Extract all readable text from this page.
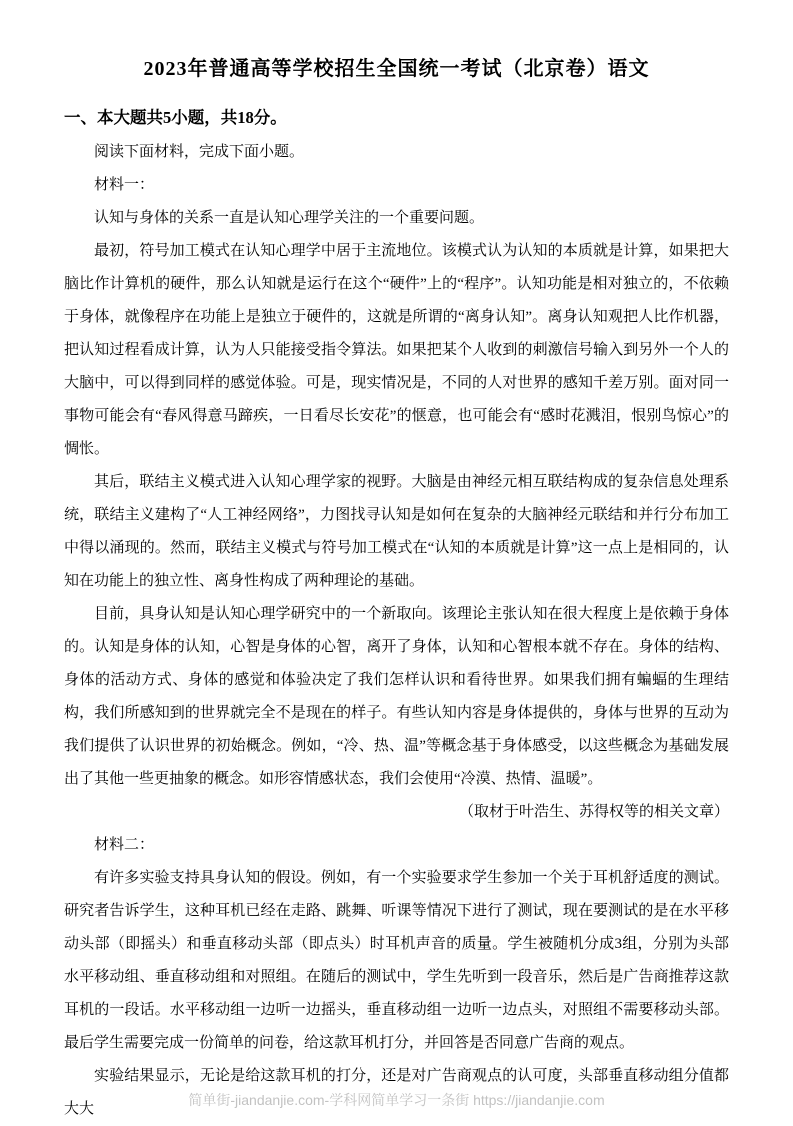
2023年普通高等学校招生全国统一考试（北京卷）语文
一、本大题共5小题，共18分。

阅读下面材料，完成下面小题。

材料一：

认知与身体的关系一直是认知心理学关注的一个重要问题。

最初，符号加工模式在认知心理学中居于主流地位。该模式认为认知的本质就是计算，如果把大脑比作计算机的硬件，那么认知就是运行在这个“硬件”上的“程序”。认知功能是相对独立的，不依赖于身体，就像程序在功能上是独立于硬件的，这就是所谓的“离身认知”。离身认知观把人比作机器，把认知过程看成计算，认为人只能接受指令算法。如果把某个人收到的刺激信号输入到另外一个人的大脑中，可以得到同样的感觉体验。可是，现实情况是，不同的人对世界的感知千差万别。面对同一事物可能会有“春风得意马蹄疾，一日看尽长安花”的惬意，也可能会有“感时花溅泪，恨别鸟惊心”的惆怅。

其后，联结主义模式进入认知心理学家的视野。大脑是由神经元相互联结构成的复杂信息处理系统，联结主义建构了“人工神经网络”，力图找寻认知是如何在复杂的大脑神经元联结和并行分布加工中得以涌现的。然而，联结主义模式与符号加工模式在“认知的本质就是计算”这一点上是相同的，认知在功能上的独立性、离身性构成了两种理论的基础。

目前，具身认知是认知心理学研究中的一个新取向。该理论主张认知在很大程度上是依赖于身体的。认知是身体的认知，心智是身体的心智，离开了身体，认知和心智根本就不存在。身体的结构、身体的活动方式、身体的感觉和体验决定了我们怎样认识和看待世界。如果我们拥有蝙蝠的生理结构，我们所感知到的世界就完全不是现在的样子。有些认知内容是身体提供的，身体与世界的互动为我们提供了认识世界的初始概念。例如，“冷、热、温”等概念基于身体感受，以这些概念为基础发展出了其他一些更抽象的概念。如形容情感状态，我们会使用“冷漠、热情、温暖”。

（取材于叶浩生、苏得权等的相关文章）

材料二：

有许多实验支持具身认知的假设。例如，有一个实验要求学生参加一个关于耳机舒适度的测试。研究者告诉学生，这种耳机已经在走路、跳舞、听课等情况下进行了测试，现在要测试的是在水平移动头部（即摇头）和垂直移动头部（即点头）时耳机声音的质量。学生被随机分成3组，分别为头部水平移动组、垂直移动组和对照组。在随后的测试中，学生先听到一段音乐，然后是广告商推荐这款耳机的一段话。水平移动组一边听一边摇头，垂直移动组一边听一边点头，对照组不需要移动头部。最后学生需要完成一份简单的问卷，给这款耳机打分，并回答是否同意广告商的观点。

实验结果显示，无论是给这款耳机的打分，还是对广告商观点的认可度，头部垂直移动组分值都大大

简单街-jiandanjie.com-学科网简单学习一条街 https://jiandanjie.com
